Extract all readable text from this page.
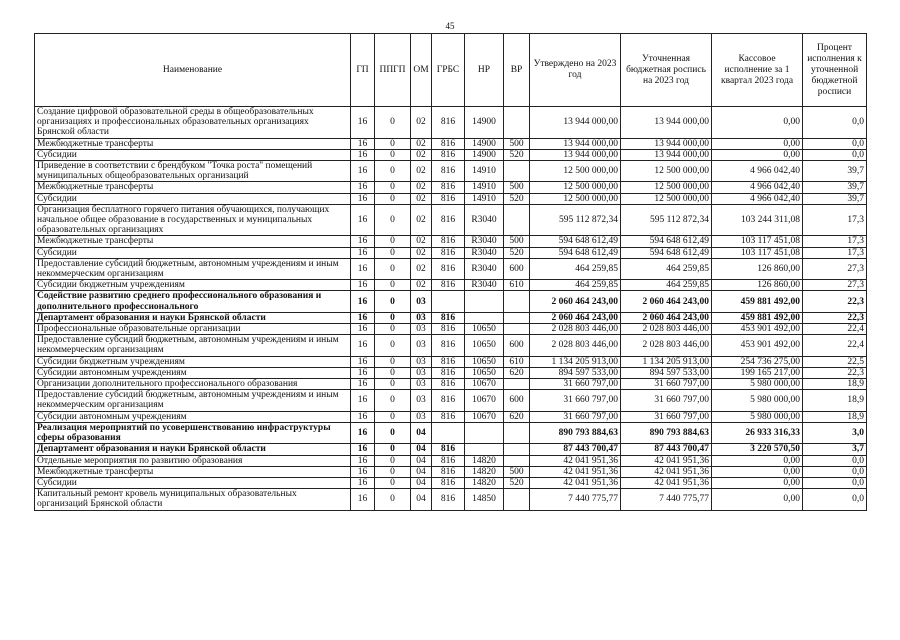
45
Наименование	ГП	ППГП	ОМ	ГРБС	НР	ВР	Утверждено на 2023 год	Уточненная бюджетная роспись на 2023 год	Кассовое исполнение за 1 квартал 2023 года	Процент исполнения к уточненной бюджетной росписи
Создание цифровой образовательной среды в общеобразовательных организациях и профессиональных образовательных организациях Брянской области	16	0	02	816	14900		13 944 000,00	13 944 000,00	0,00	0,0
Межбюджетные трансферты	16	0	02	816	14900	500	13 944 000,00	13 944 000,00	0,00	0,0
Субсидии	16	0	02	816	14900	520	13 944 000,00	13 944 000,00	0,00	0,0
Приведение в соответствии с брендбуком "Точка роста" помещений муниципальных общеобразовательных организаций	16	0	02	816	14910		12 500 000,00	12 500 000,00	4 966 042,40	39,7
Межбюджетные трансферты	16	0	02	816	14910	500	12 500 000,00	12 500 000,00	4 966 042,40	39,7
Субсидии	16	0	02	816	14910	520	12 500 000,00	12 500 000,00	4 966 042,40	39,7
Организация бесплатного горячего питания обучающихся, получающих начальное общее образование в государственных и муниципальных образовательных организациях	16	0	02	816	R3040		595 112 872,34	595 112 872,34	103 244 311,08	17,3
Межбюджетные трансферты	16	0	02	816	R3040	500	594 648 612,49	594 648 612,49	103 117 451,08	17,3
Субсидии	16	0	02	816	R3040	520	594 648 612,49	594 648 612,49	103 117 451,08	17,3
Предоставление субсидий бюджетным, автономным учреждениям и иным некоммерческим организациям	16	0	02	816	R3040	600	464 259,85	464 259,85	126 860,00	27,3
Субсидии бюджетным учреждениям	16	0	02	816	R3040	610	464 259,85	464 259,85	126 860,00	27,3
Содействие развитию среднего профессионального образования и дополнительного профессионального	16	0	03				2 060 464 243,00	2 060 464 243,00	459 881 492,00	22,3
Департамент образования и науки Брянской области	16	0	03	816			2 060 464 243,00	2 060 464 243,00	459 881 492,00	22,3
Профессиональные образовательные организации	16	0	03	816	10650		2 028 803 446,00	2 028 803 446,00	453 901 492,00	22,4
Предоставление субсидий бюджетным, автономным учреждениям и иным некоммерческим организациям	16	0	03	816	10650	600	2 028 803 446,00	2 028 803 446,00	453 901 492,00	22,4
Субсидии бюджетным учреждениям	16	0	03	816	10650	610	1 134 205 913,00	1 134 205 913,00	254 736 275,00	22,5
Субсидии автономным учреждениям	16	0	03	816	10650	620	894 597 533,00	894 597 533,00	199 165 217,00	22,3
Организации дополнительного профессионального образования	16	0	03	816	10670		31 660 797,00	31 660 797,00	5 980 000,00	18,9
Предоставление субсидий бюджетным, автономным учреждениям и иным некоммерческим организациям	16	0	03	816	10670	600	31 660 797,00	31 660 797,00	5 980 000,00	18,9
Субсидии автономным учреждениям	16	0	03	816	10670	620	31 660 797,00	31 660 797,00	5 980 000,00	18,9
Реализация мероприятий по усовершенствованию инфраструктуры сферы образования	16	0	04				890 793 884,63	890 793 884,63	26 933 316,33	3,0
Департамент образования и науки Брянской области	16	0	04	816			87 443 700,47	87 443 700,47	3 220 570,50	3,7
Отдельные мероприятия по развитию образования	16	0	04	816	14820		42 041 951,36	42 041 951,36	0,00	0,0
Межбюджетные трансферты	16	0	04	816	14820	500	42 041 951,36	42 041 951,36	0,00	0,0
Субсидии	16	0	04	816	14820	520	42 041 951,36	42 041 951,36	0,00	0,0
Капитальный ремонт кровель муниципальных образовательных организаций Брянской области	16	0	04	816	14850		7 440 775,77	7 440 775,77	0,00	0,0
